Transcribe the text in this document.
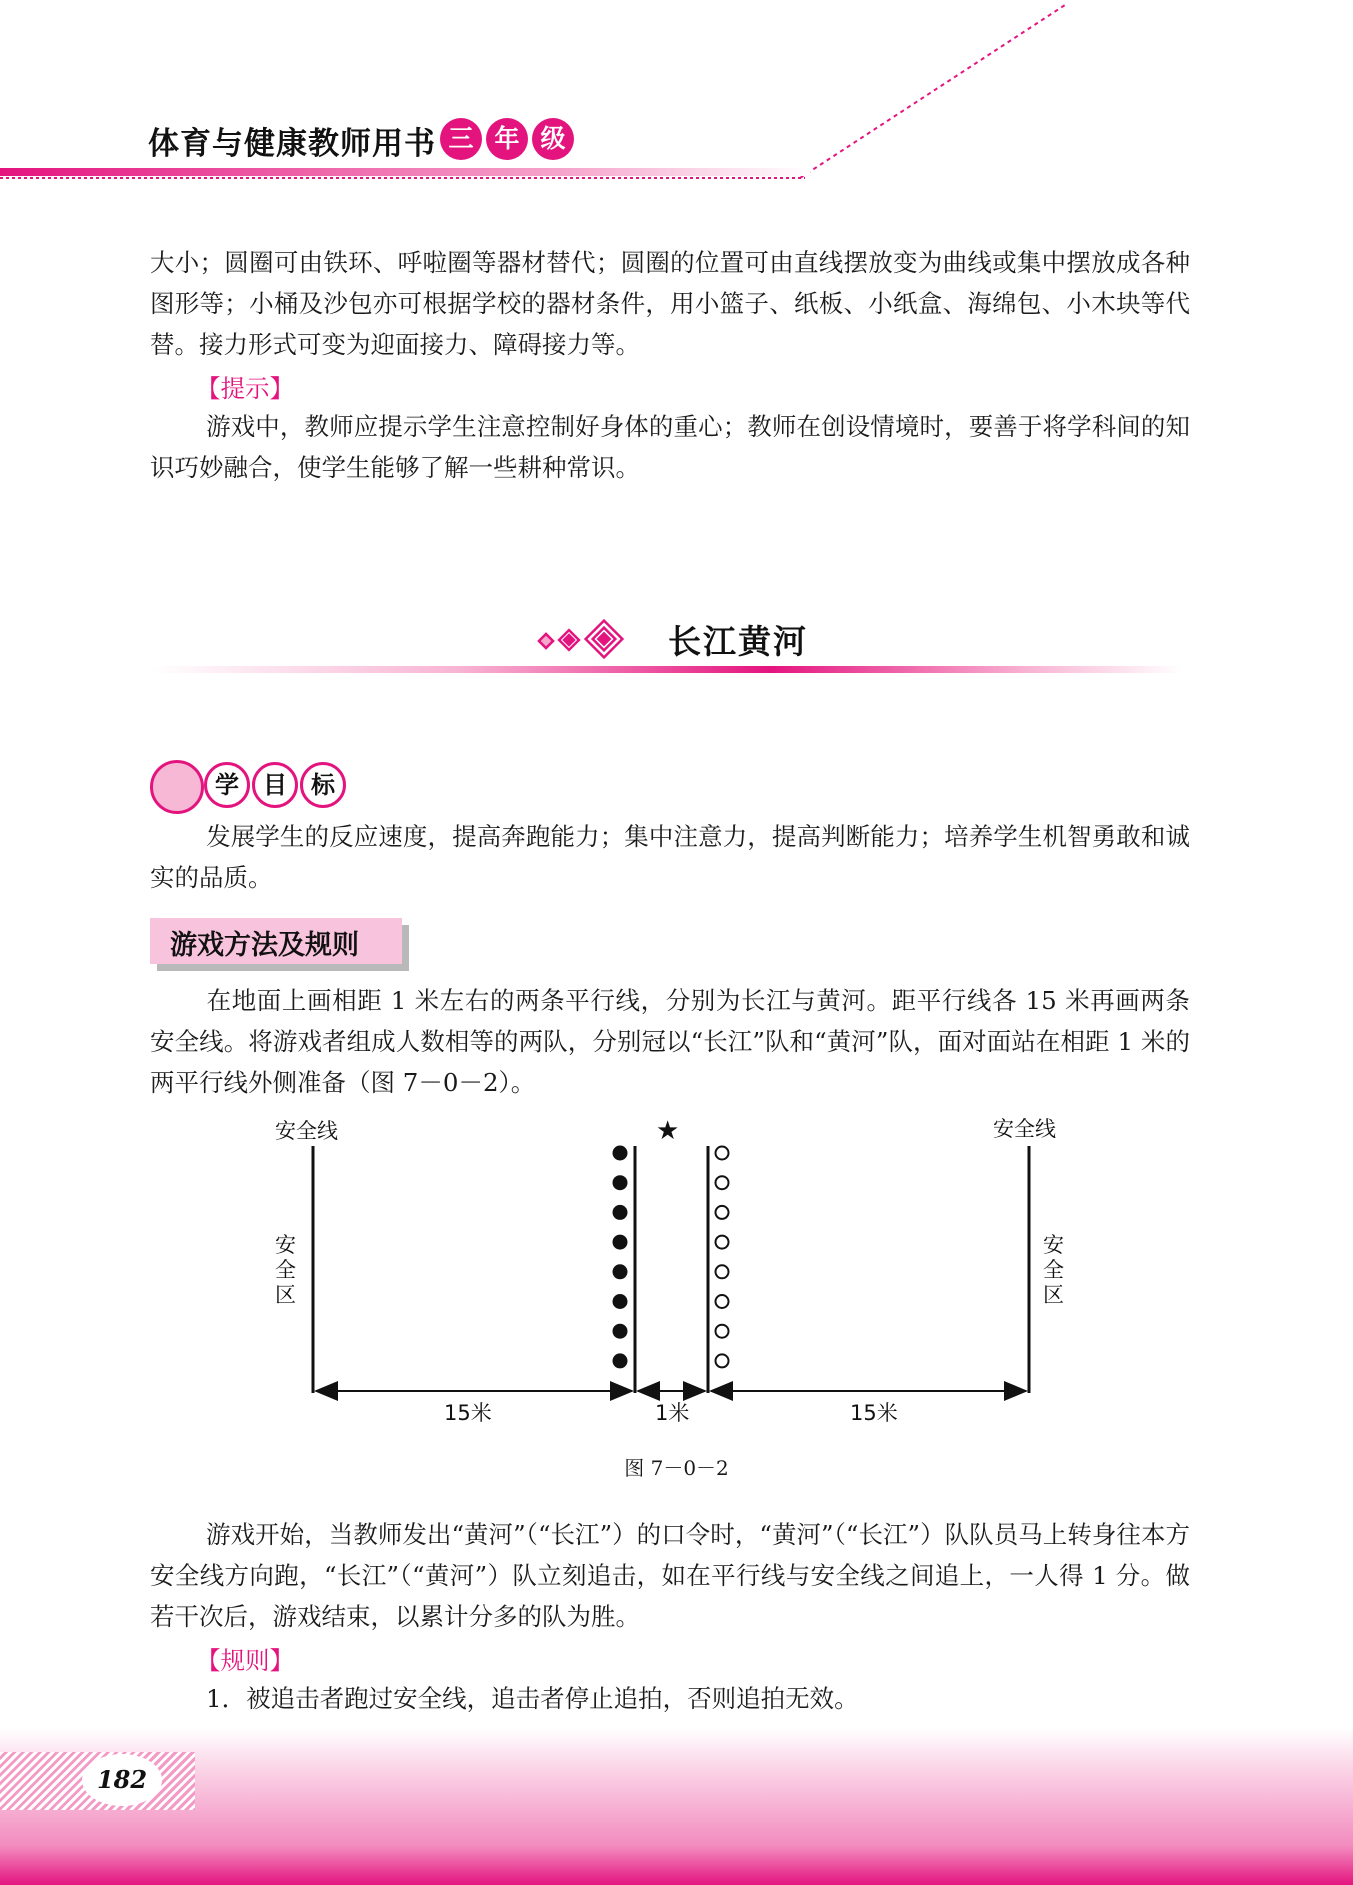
体育与健康教师用书 三 年 级

大小；圆圈可由铁环、呼啦圈等器材替代；圆圈的位置可由直线摆放变为曲线或集中摆放成各种图形等；小桶及沙包亦可根据学校的器材条件，用小篮子、纸板、小纸盒、海绵包、小木块等代替。接力形式可变为迎面接力、障碍接力等。

【提示】

游戏中，教师应提示学生注意控制好身体的重心；教师在创设情境时，要善于将学科间的知识巧妙融合，使学生能够了解一些耕种常识。

长江黄河
学	目	标

发展学生的反应速度，提高奔跑能力；集中注意力，提高判断能力；培养学生机智勇敢和诚实的品质。

游戏方法及规则

在地面上画相距 1 米左右的两条平行线，分别为长江与黄河。距平行线各 15 米再画两条安全线。将游戏者组成人数相等的两队，分别冠以“长江”队和“黄河”队，面对面站在相距 1 米的两平行线外侧准备（图 7－0－2）。

安全线	安全线
安
全
区
安
全
区
★
15米	1米	15米
图 7－0－2

游戏开始，当教师发出“黄河”（“长江”）的口令时，“黄河”（“长江”）队队员马上转身往本方安全线方向跑，“长江”（“黄河”）队立刻追击，如在平行线与安全线之间追上，一人得 1 分。做若干次后，游戏结束，以累计分多的队为胜。

【规则】

1．被追击者跑过安全线，追击者停止追拍，否则追拍无效。

182
